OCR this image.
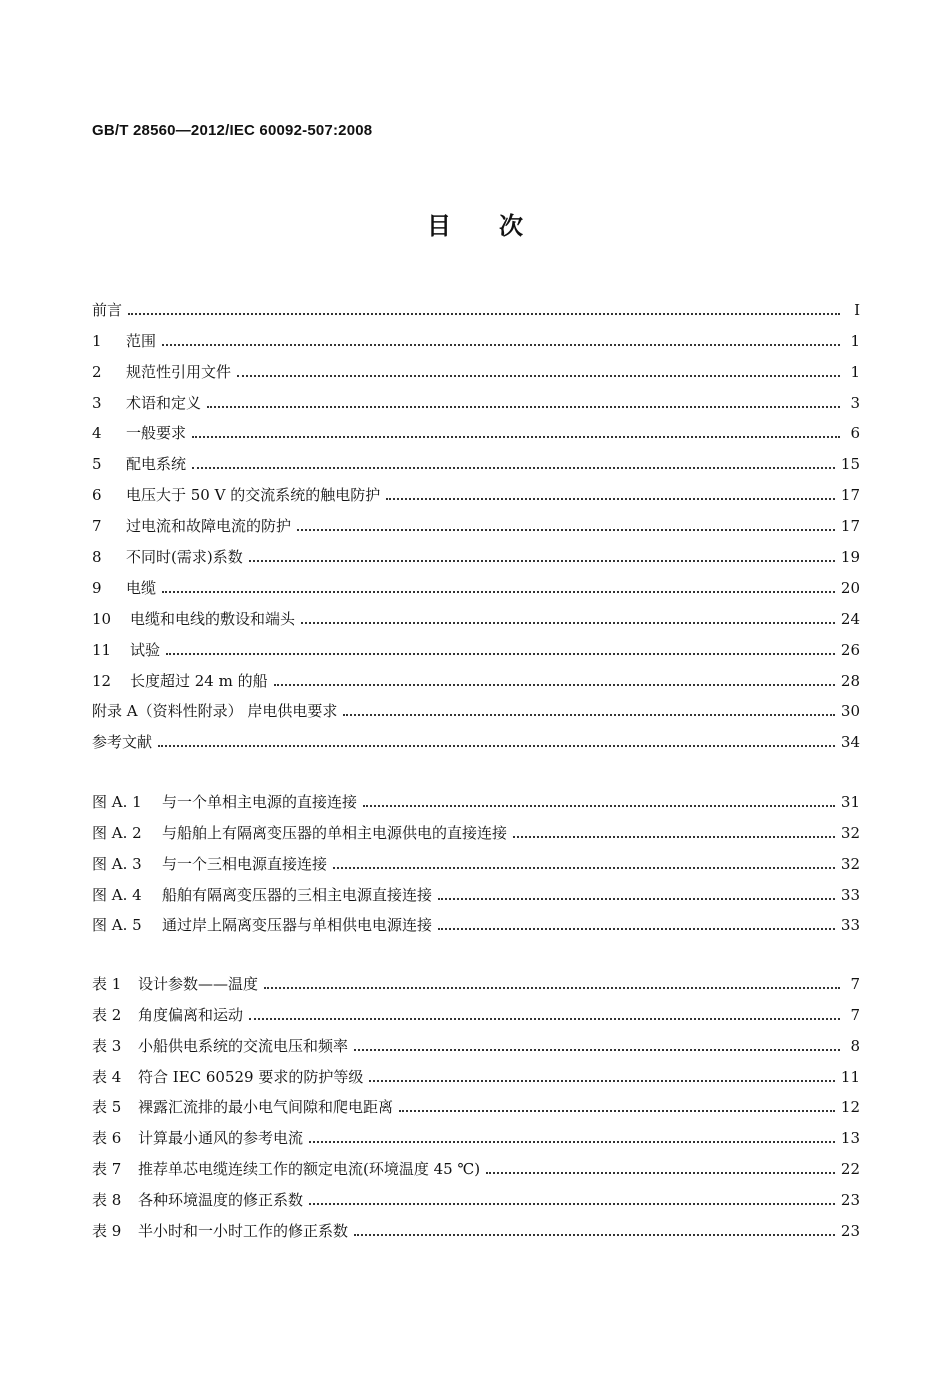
GB/T 28560—2012/IEC 60092-507:2008
目次
前言	Ⅰ
1	范围	1
2	规范性引用文件	1
3	术语和定义	3
4	一般要求	6
5	配电系统	15
6	电压大于 50 V 的交流系统的触电防护	17
7	过电流和故障电流的防护	17
8	不同时(需求)系数	19
9	电缆	20
10	电缆和电线的敷设和端头	24
11	试验	26
12	长度超过 24 m 的船	28
附录 A（资料性附录） 岸电供电要求	30
参考文献	34
图 A. 1	与一个单相主电源的直接连接	31
图 A. 2	与船舶上有隔离变压器的单相主电源供电的直接连接	32
图 A. 3	与一个三相电源直接连接	32
图 A. 4	船舶有隔离变压器的三相主电源直接连接	33
图 A. 5	通过岸上隔离变压器与单相供电电源连接	33
表 1	设计参数——温度	7
表 2	角度偏离和运动	7
表 3	小船供电系统的交流电压和频率	8
表 4	符合 IEC 60529 要求的防护等级	11
表 5	裸露汇流排的最小电气间隙和爬电距离	12
表 6	计算最小通风的参考电流	13
表 7	推荐单芯电缆连续工作的额定电流(环境温度 45 ℃)	22
表 8	各种环境温度的修正系数	23
表 9	半小时和一小时工作的修正系数	23
